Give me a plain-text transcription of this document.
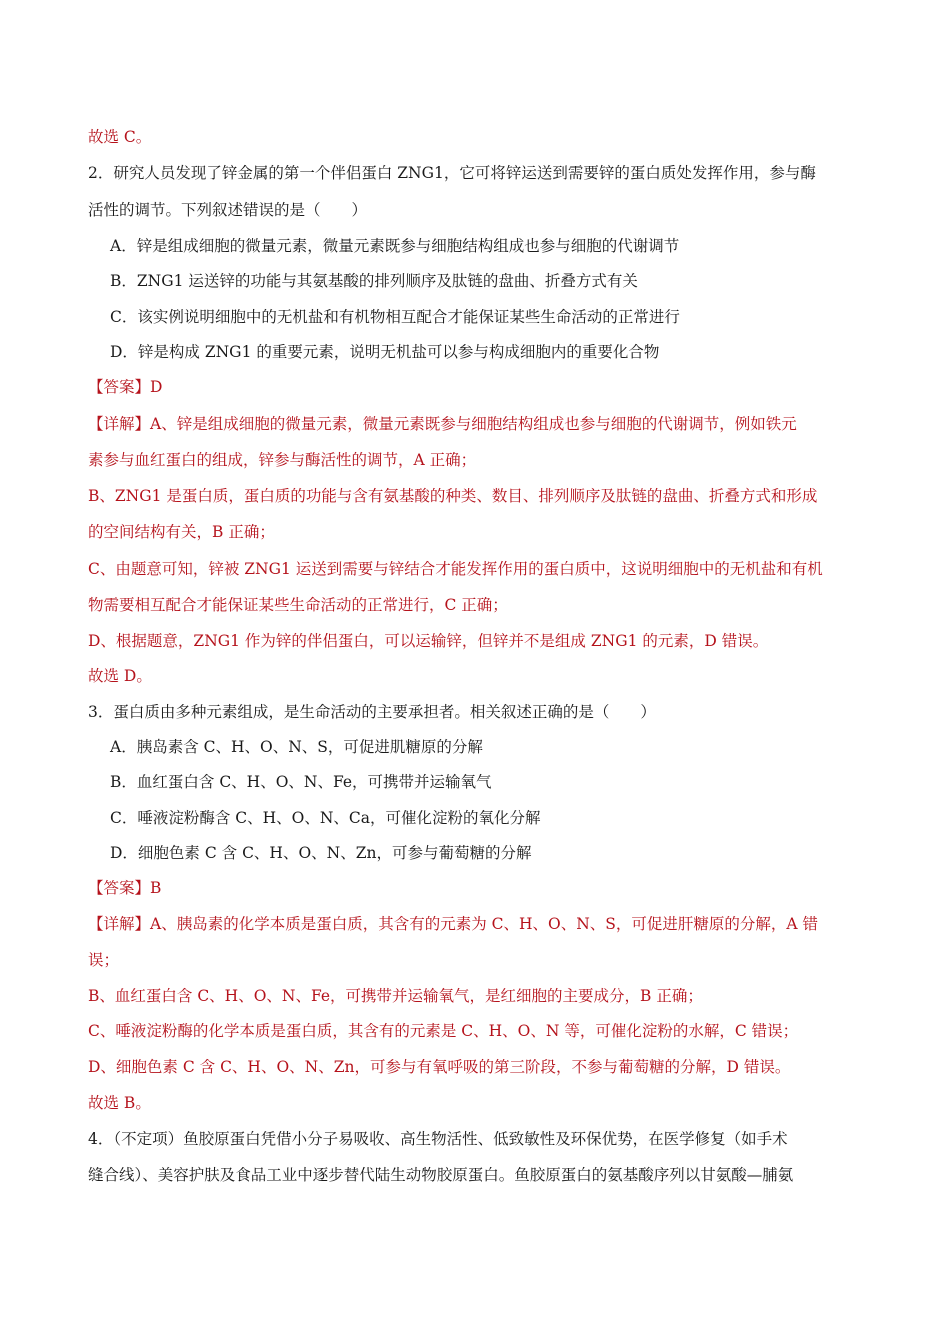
故选 C。
2．研究人员发现了锌金属的第一个伴侣蛋白 ZNG1，它可将锌运送到需要锌的蛋白质处发挥作用，参与酶
活性的调节。下列叙述错误的是（　　）
A．锌是组成细胞的微量元素，微量元素既参与细胞结构组成也参与细胞的代谢调节
B．ZNG1 运送锌的功能与其氨基酸的排列顺序及肽链的盘曲、折叠方式有关
C．该实例说明细胞中的无机盐和有机物相互配合才能保证某些生命活动的正常进行
D．锌是构成 ZNG1 的重要元素，说明无机盐可以参与构成细胞内的重要化合物
【答案】D
【详解】A、锌是组成细胞的微量元素，微量元素既参与细胞结构组成也参与细胞的代谢调节，例如铁元
素参与血红蛋白的组成，锌参与酶活性的调节，A 正确；
B、ZNG1 是蛋白质，蛋白质的功能与含有氨基酸的种类、数目、排列顺序及肽链的盘曲、折叠方式和形成
的空间结构有关，B 正确；
C、由题意可知，锌被 ZNG1 运送到需要与锌结合才能发挥作用的蛋白质中，这说明细胞中的无机盐和有机
物需要相互配合才能保证某些生命活动的正常进行，C 正确；
D、根据题意，ZNG1 作为锌的伴侣蛋白，可以运输锌，但锌并不是组成 ZNG1 的元素，D 错误。
故选 D。
3．蛋白质由多种元素组成，是生命活动的主要承担者。相关叙述正确的是（　　）
A．胰岛素含 C、H、O、N、S，可促进肌糖原的分解
B．血红蛋白含 C、H、O、N、Fe，可携带并运输氧气
C．唾液淀粉酶含 C、H、O、N、Ca，可催化淀粉的氧化分解
D．细胞色素 C 含 C、H、O、N、Zn，可参与葡萄糖的分解
【答案】B
【详解】A、胰岛素的化学本质是蛋白质，其含有的元素为 C、H、O、N、S，可促进肝糖原的分解，A 错
误；
B、血红蛋白含 C、H、O、N、Fe，可携带并运输氧气，是红细胞的主要成分，B 正确；
C、唾液淀粉酶的化学本质是蛋白质，其含有的元素是 C、H、O、N 等，可催化淀粉的水解，C 错误；
D、细胞色素 C 含 C、H、O、N、Zn，可参与有氧呼吸的第三阶段，不参与葡萄糖的分解，D 错误。
故选 B。
4．（不定项）鱼胶原蛋白凭借小分子易吸收、高生物活性、低致敏性及环保优势，在医学修复（如手术
缝合线）、美容护肤及食品工业中逐步替代陆生动物胶原蛋白。鱼胶原蛋白的氨基酸序列以甘氨酸—脯氨
